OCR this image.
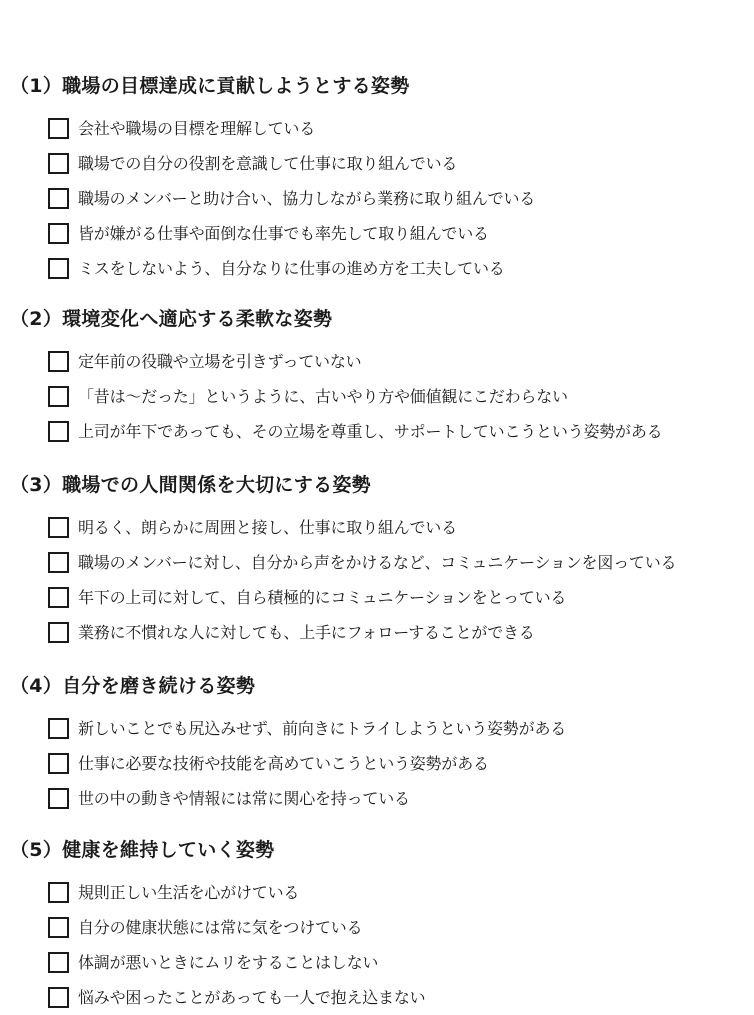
（1）職場の目標達成に貢献しようとする姿勢
会社や職場の目標を理解している
職場での自分の役割を意識して仕事に取り組んでいる
職場のメンバーと助け合い、協力しながら業務に取り組んでいる
皆が嫌がる仕事や面倒な仕事でも率先して取り組んでいる
ミスをしないよう、自分なりに仕事の進め方を工夫している
（2）環境変化へ適応する柔軟な姿勢
定年前の役職や立場を引きずっていない
「昔は〜だった」というように、古いやり方や価値観にこだわらない
上司が年下であっても、その立場を尊重し、サポートしていこうという姿勢がある
（3）職場での人間関係を大切にする姿勢
明るく、朗らかに周囲と接し、仕事に取り組んでいる
職場のメンバーに対し、自分から声をかけるなど、コミュニケーションを図っている
年下の上司に対して、自ら積極的にコミュニケーションをとっている
業務に不慣れな人に対しても、上手にフォローすることができる
（4）自分を磨き続ける姿勢
新しいことでも尻込みせず、前向きにトライしようという姿勢がある
仕事に必要な技術や技能を高めていこうという姿勢がある
世の中の動きや情報には常に関心を持っている
（5）健康を維持していく姿勢
規則正しい生活を心がけている
自分の健康状態には常に気をつけている
体調が悪いときにムリをすることはしない
悩みや困ったことがあっても一人で抱え込まない
